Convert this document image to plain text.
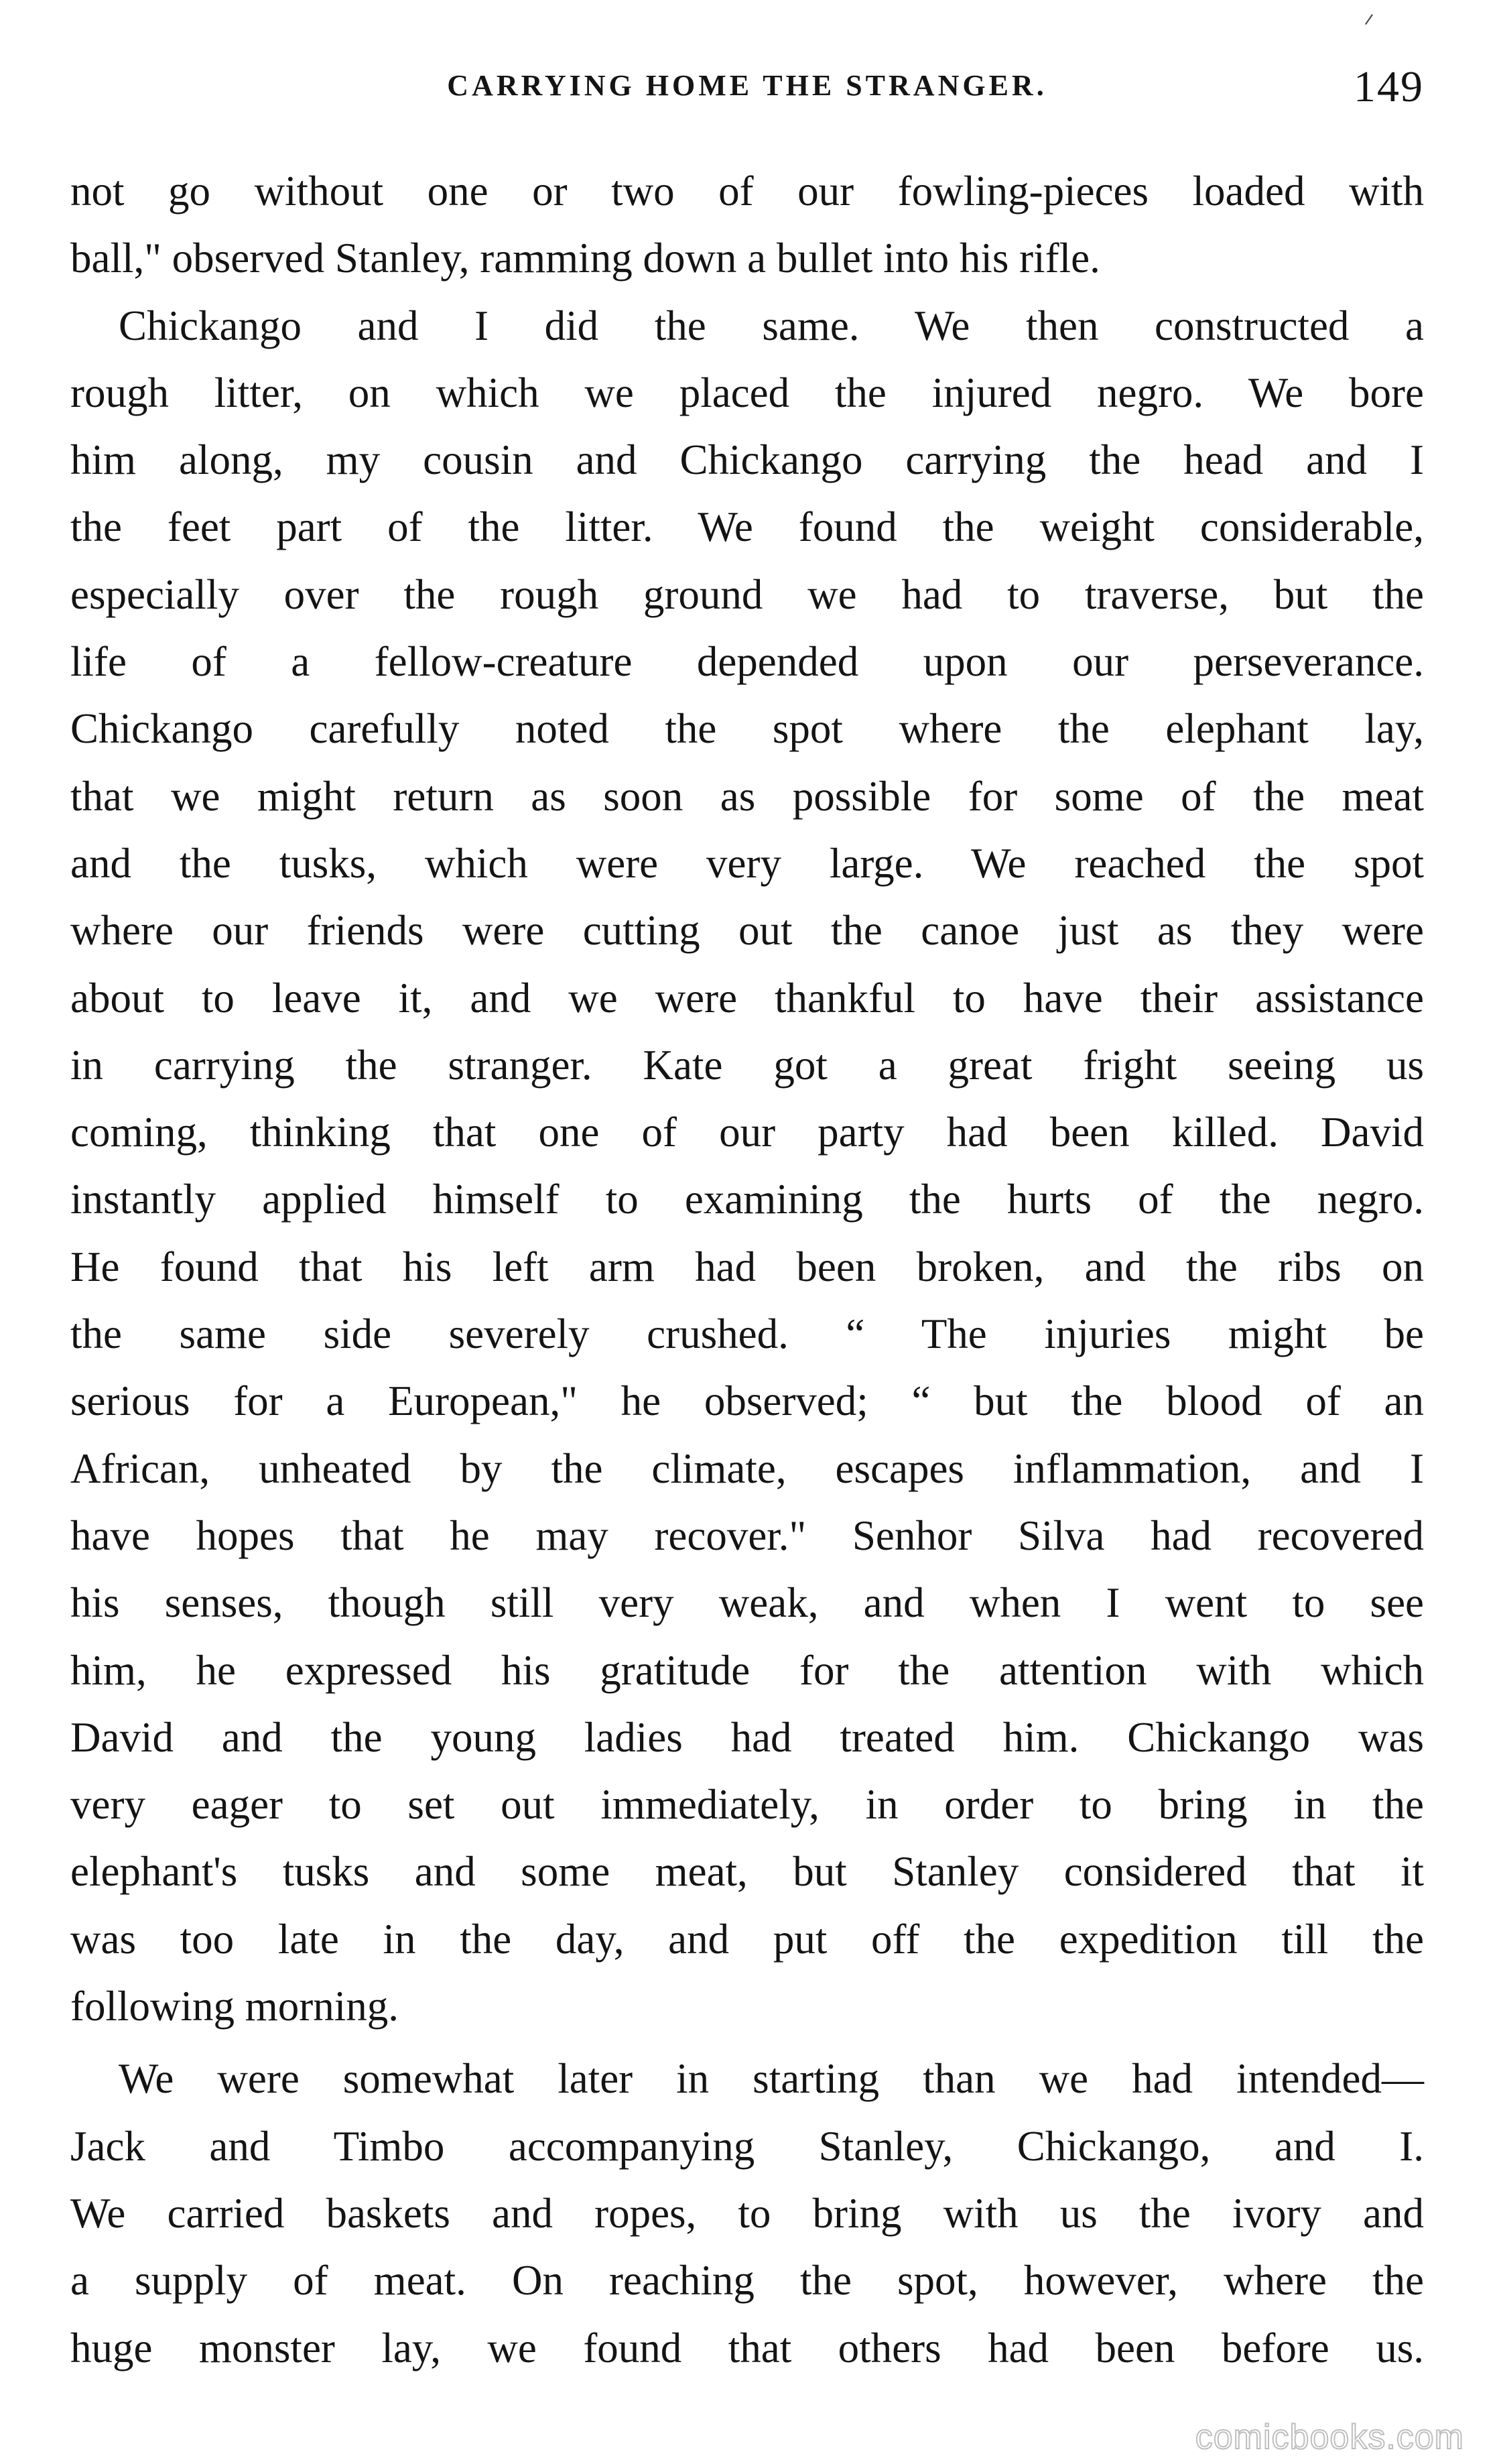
CARRYING HOME THE STRANGER.	149
not go without one or two of our fowling-pieces loaded with
ball," observed Stanley, ramming down a bullet into his rifle.
Chickango and I did the same. We then constructed a
rough litter, on which we placed the injured negro. We bore
him along, my cousin and Chickango carrying the head and I
the feet part of the litter. We found the weight considerable,
especially over the rough ground we had to traverse, but the
life of a fellow-creature depended upon our perseverance.
Chickango carefully noted the spot where the elephant lay,
that we might return as soon as possible for some of the meat
and the tusks, which were very large. We reached the spot
where our friends were cutting out the canoe just as they were
about to leave it, and we were thankful to have their assistance
in carrying the stranger. Kate got a great fright seeing us
coming, thinking that one of our party had been killed. David
instantly applied himself to examining the hurts of the negro.
He found that his left arm had been broken, and the ribs on
the same side severely crushed. “ The injuries might be
serious for a European," he observed; “ but the blood of an
African, unheated by the climate, escapes inflammation, and I
have hopes that he may recover." Senhor Silva had recovered
his senses, though still very weak, and when I went to see
him, he expressed his gratitude for the attention with which
David and the young ladies had treated him. Chickango was
very eager to set out immediately, in order to bring in the
elephant's tusks and some meat, but Stanley considered that it
was too late in the day, and put off the expedition till the
following morning.
We were somewhat later in starting than we had intended—
Jack and Timbo accompanying Stanley, Chickango, and I.
We carried baskets and ropes, to bring with us the ivory and
a supply of meat. On reaching the spot, however, where the
huge monster lay, we found that others had been before us.
comicbooks.com
